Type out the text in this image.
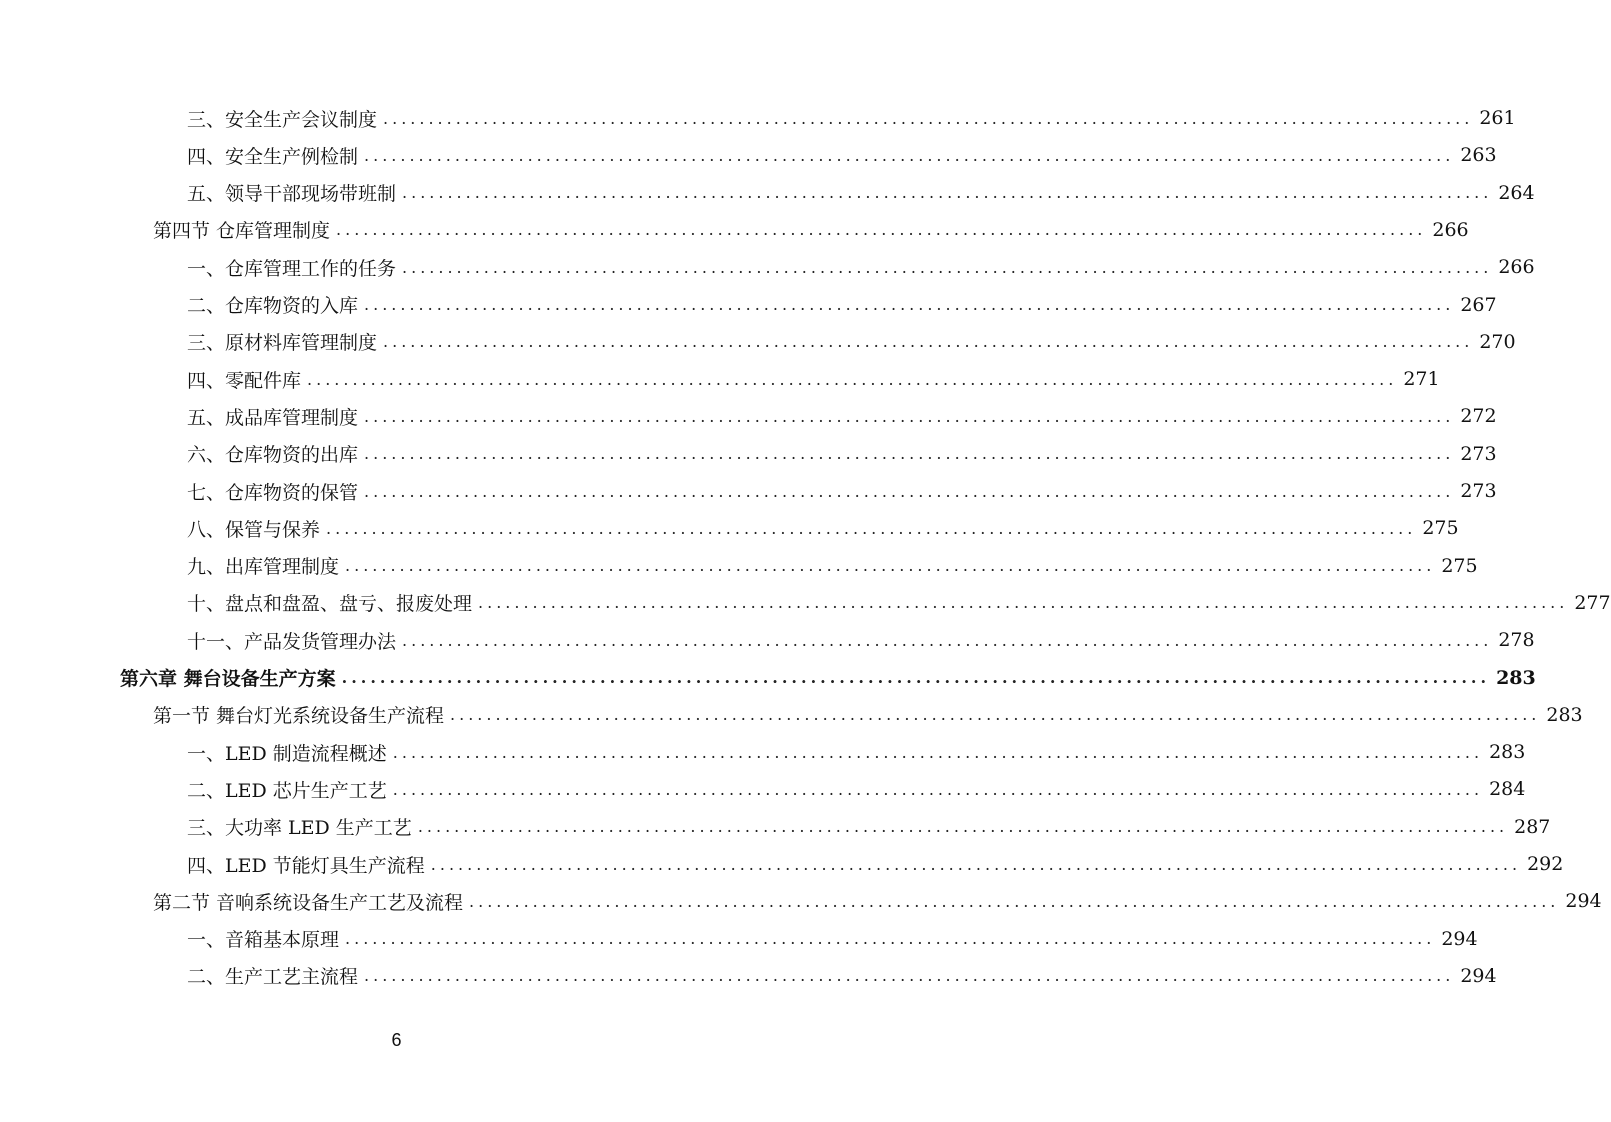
三、安全生产会议制度 ........................................................................................................................ 261
四、安全生产例检制 ........................................................................................................................ 263
五、领导干部现场带班制 ........................................................................................................................ 264
第四节 仓库管理制度 ........................................................................................................................ 266
一、仓库管理工作的任务 ........................................................................................................................ 266
二、仓库物资的入库 ........................................................................................................................ 267
三、原材料库管理制度 ........................................................................................................................ 270
四、零配件库 ........................................................................................................................ 271
五、成品库管理制度 ........................................................................................................................ 272
六、仓库物资的出库 ........................................................................................................................ 273
七、仓库物资的保管 ........................................................................................................................ 273
八、保管与保养 ........................................................................................................................ 275
九、出库管理制度 ........................................................................................................................ 275
十、盘点和盘盈、盘亏、报废处理 ........................................................................................................................ 277
十一、产品发货管理办法 ........................................................................................................................ 278
第六章 舞台设备生产方案 ........................................................................................................................ 283
第一节 舞台灯光系统设备生产流程 ........................................................................................................................ 283
一、LED 制造流程概述 ........................................................................................................................ 283
二、LED 芯片生产工艺 ........................................................................................................................ 284
三、大功率 LED 生产工艺 ........................................................................................................................ 287
四、LED 节能灯具生产流程 ........................................................................................................................ 292
第二节 音响系统设备生产工艺及流程 ........................................................................................................................ 294
一、音箱基本原理 ........................................................................................................................ 294
二、生产工艺主流程 ........................................................................................................................ 294
6
